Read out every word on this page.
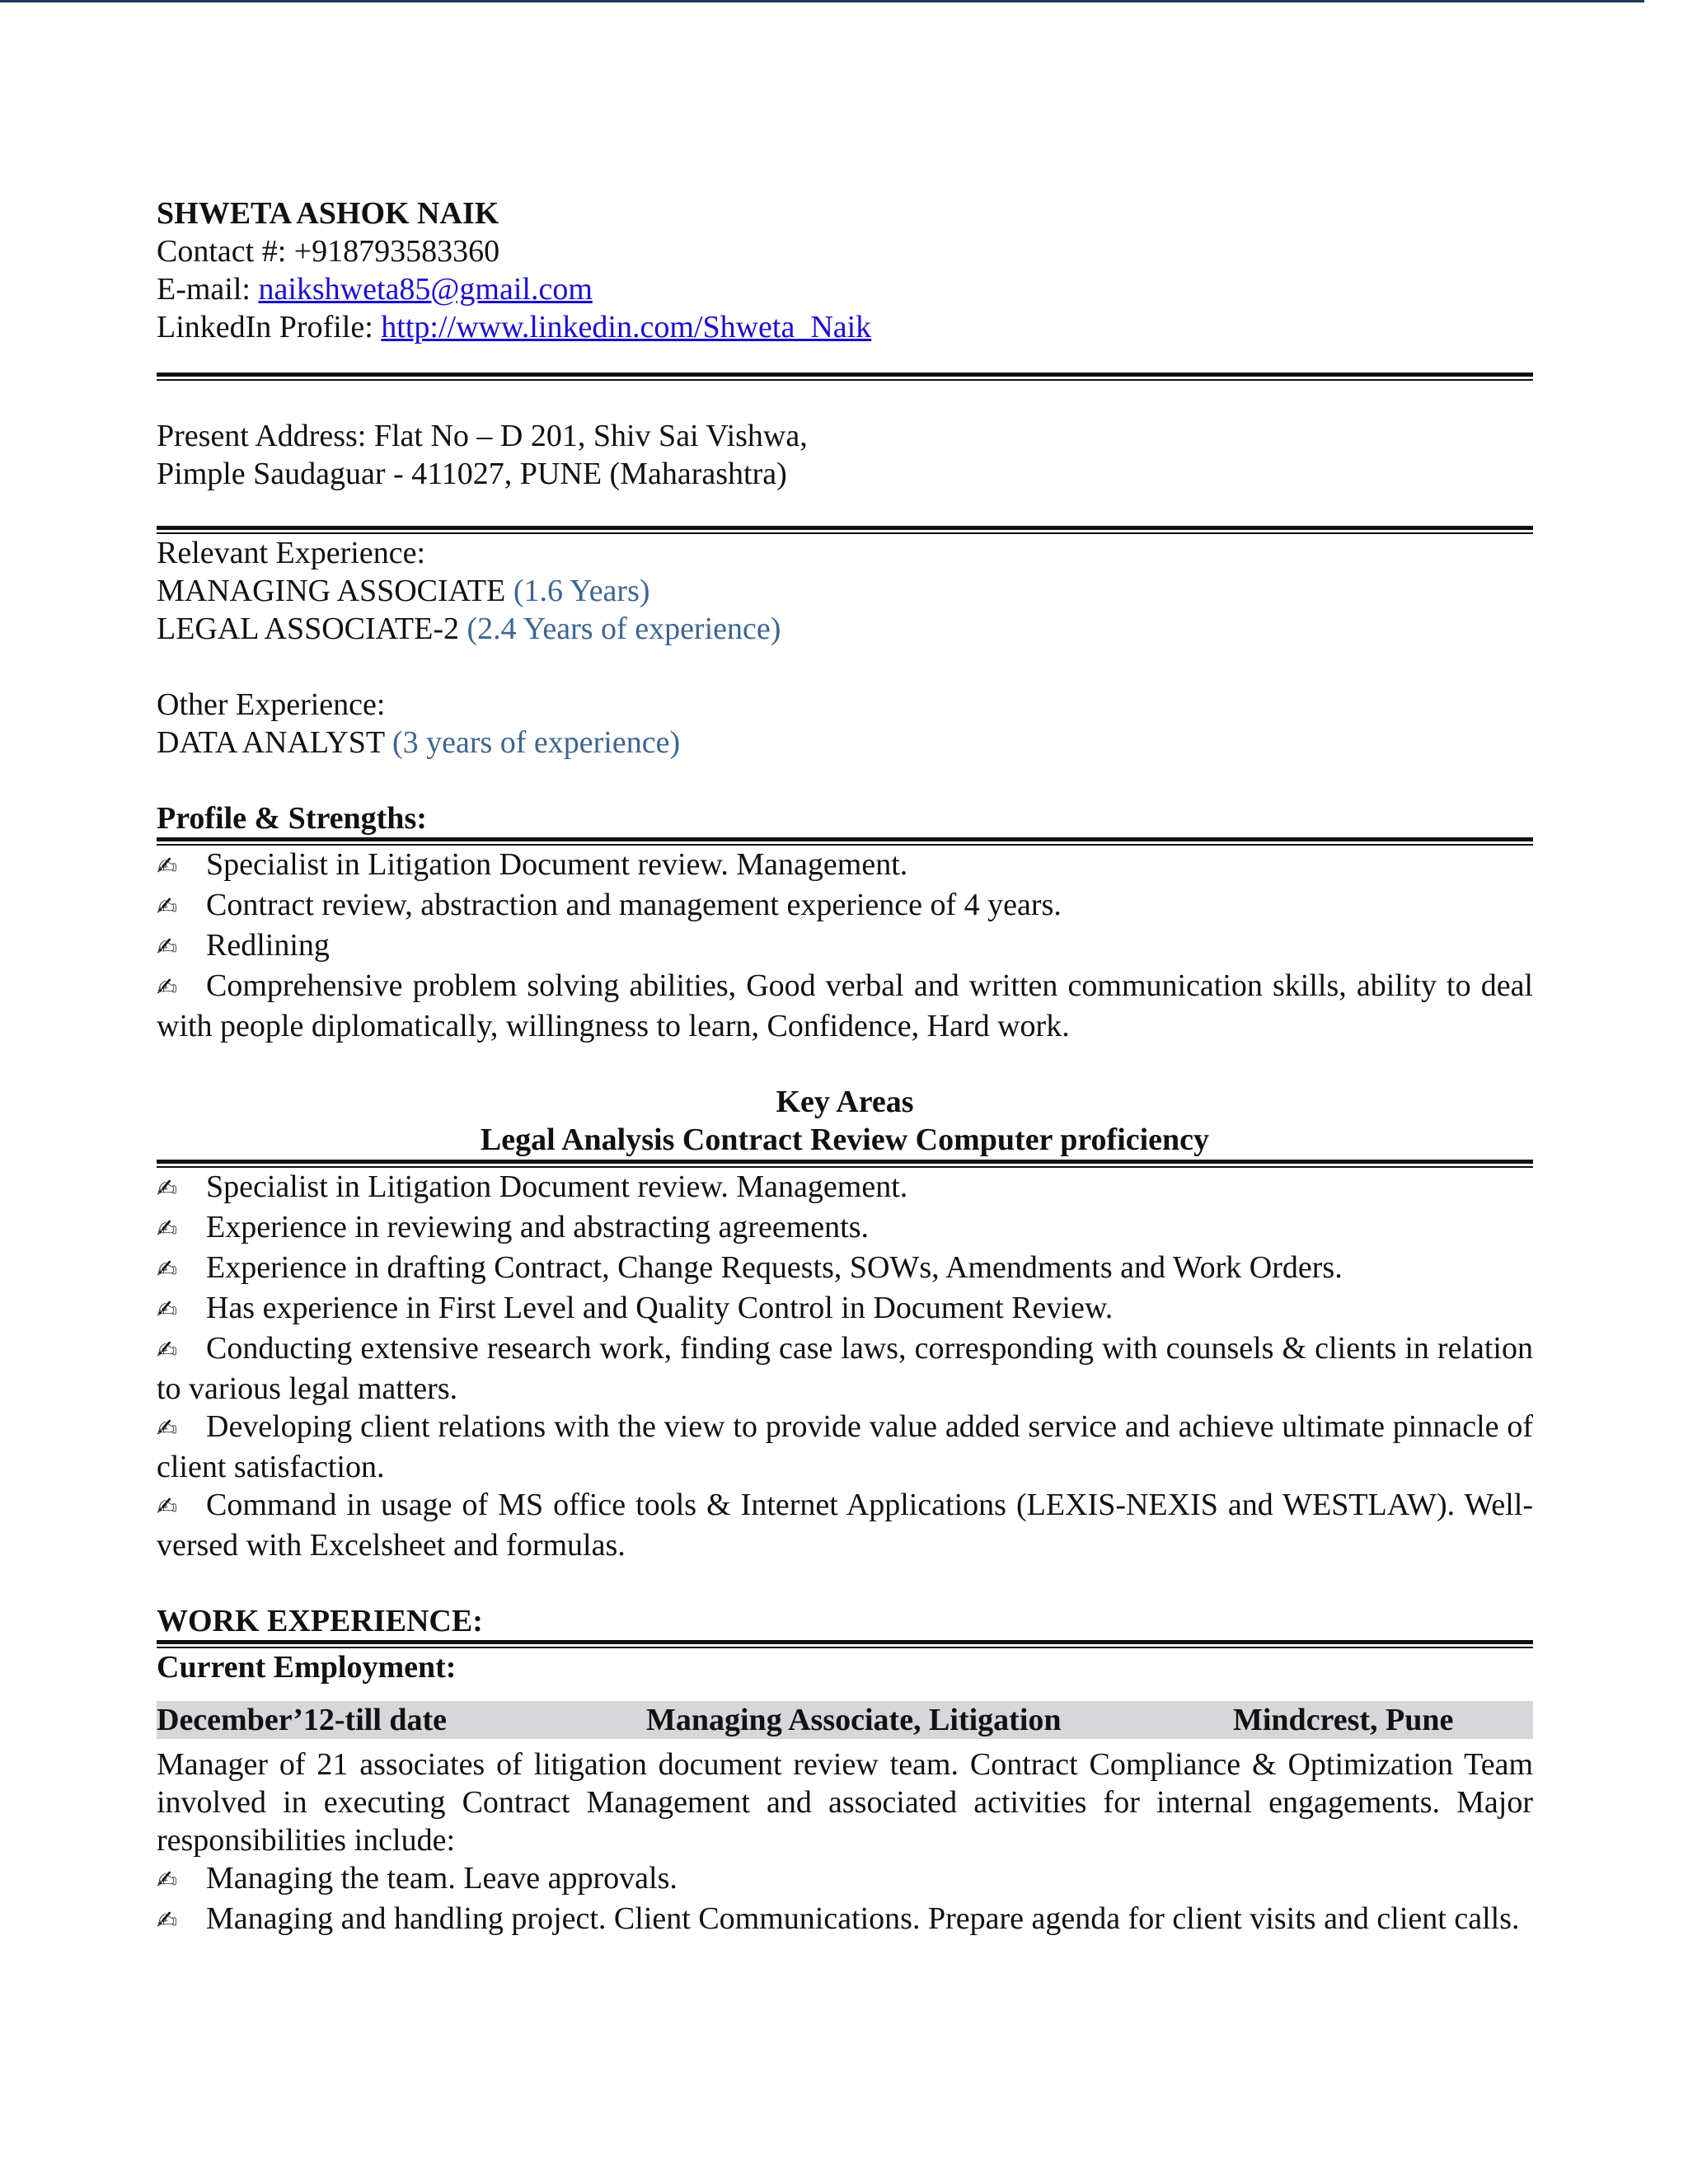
SHWETA ASHOK NAIK
Contact #: +918793583360
E-mail: naikshweta85@gmail.com
LinkedIn Profile: http://www.linkedin.com/Shweta_Naik
Present Address: Flat No – D 201, Shiv Sai Vishwa,
Pimple Saudaguar - 411027, PUNE (Maharashtra)
Relevant Experience:
MANAGING ASSOCIATE (1.6 Years)
LEGAL ASSOCIATE-2 (2.4 Years of experience)
Other Experience:
DATA ANALYST (3 years of experience)
Profile & Strengths:
✍ Specialist in Litigation Document review. Management.
✍ Contract review, abstraction and management experience of 4 years.
✍ Redlining
✍ Comprehensive problem solving abilities, Good verbal and written communication skills, ability to deal with people diplomatically, willingness to learn, Confidence, Hard work.
Key Areas
Legal Analysis Contract Review Computer proficiency
✍ Specialist in Litigation Document review. Management.
✍ Experience in reviewing and abstracting agreements.
✍ Experience in drafting Contract, Change Requests, SOWs, Amendments and Work Orders.
✍ Has experience in First Level and Quality Control in Document Review.
✍ Conducting extensive research work, finding case laws, corresponding with counsels & clients in relation to various legal matters.
✍ Developing client relations with the view to provide value added service and achieve ultimate pinnacle of client satisfaction.
✍ Command in usage of MS office tools & Internet Applications (LEXIS-NEXIS and WESTLAW). Well-versed with Excelsheet and formulas.
WORK EXPERIENCE:
Current Employment:
December’12-till date	Managing Associate, Litigation	Mindcrest, Pune
Manager of 21 associates of litigation document review team. Contract Compliance & Optimization Team involved in executing Contract Management and associated activities for internal engagements. Major responsibilities include:
✍ Managing the team. Leave approvals.
✍ Managing and handling project. Client Communications. Prepare agenda for client visits and client calls.
